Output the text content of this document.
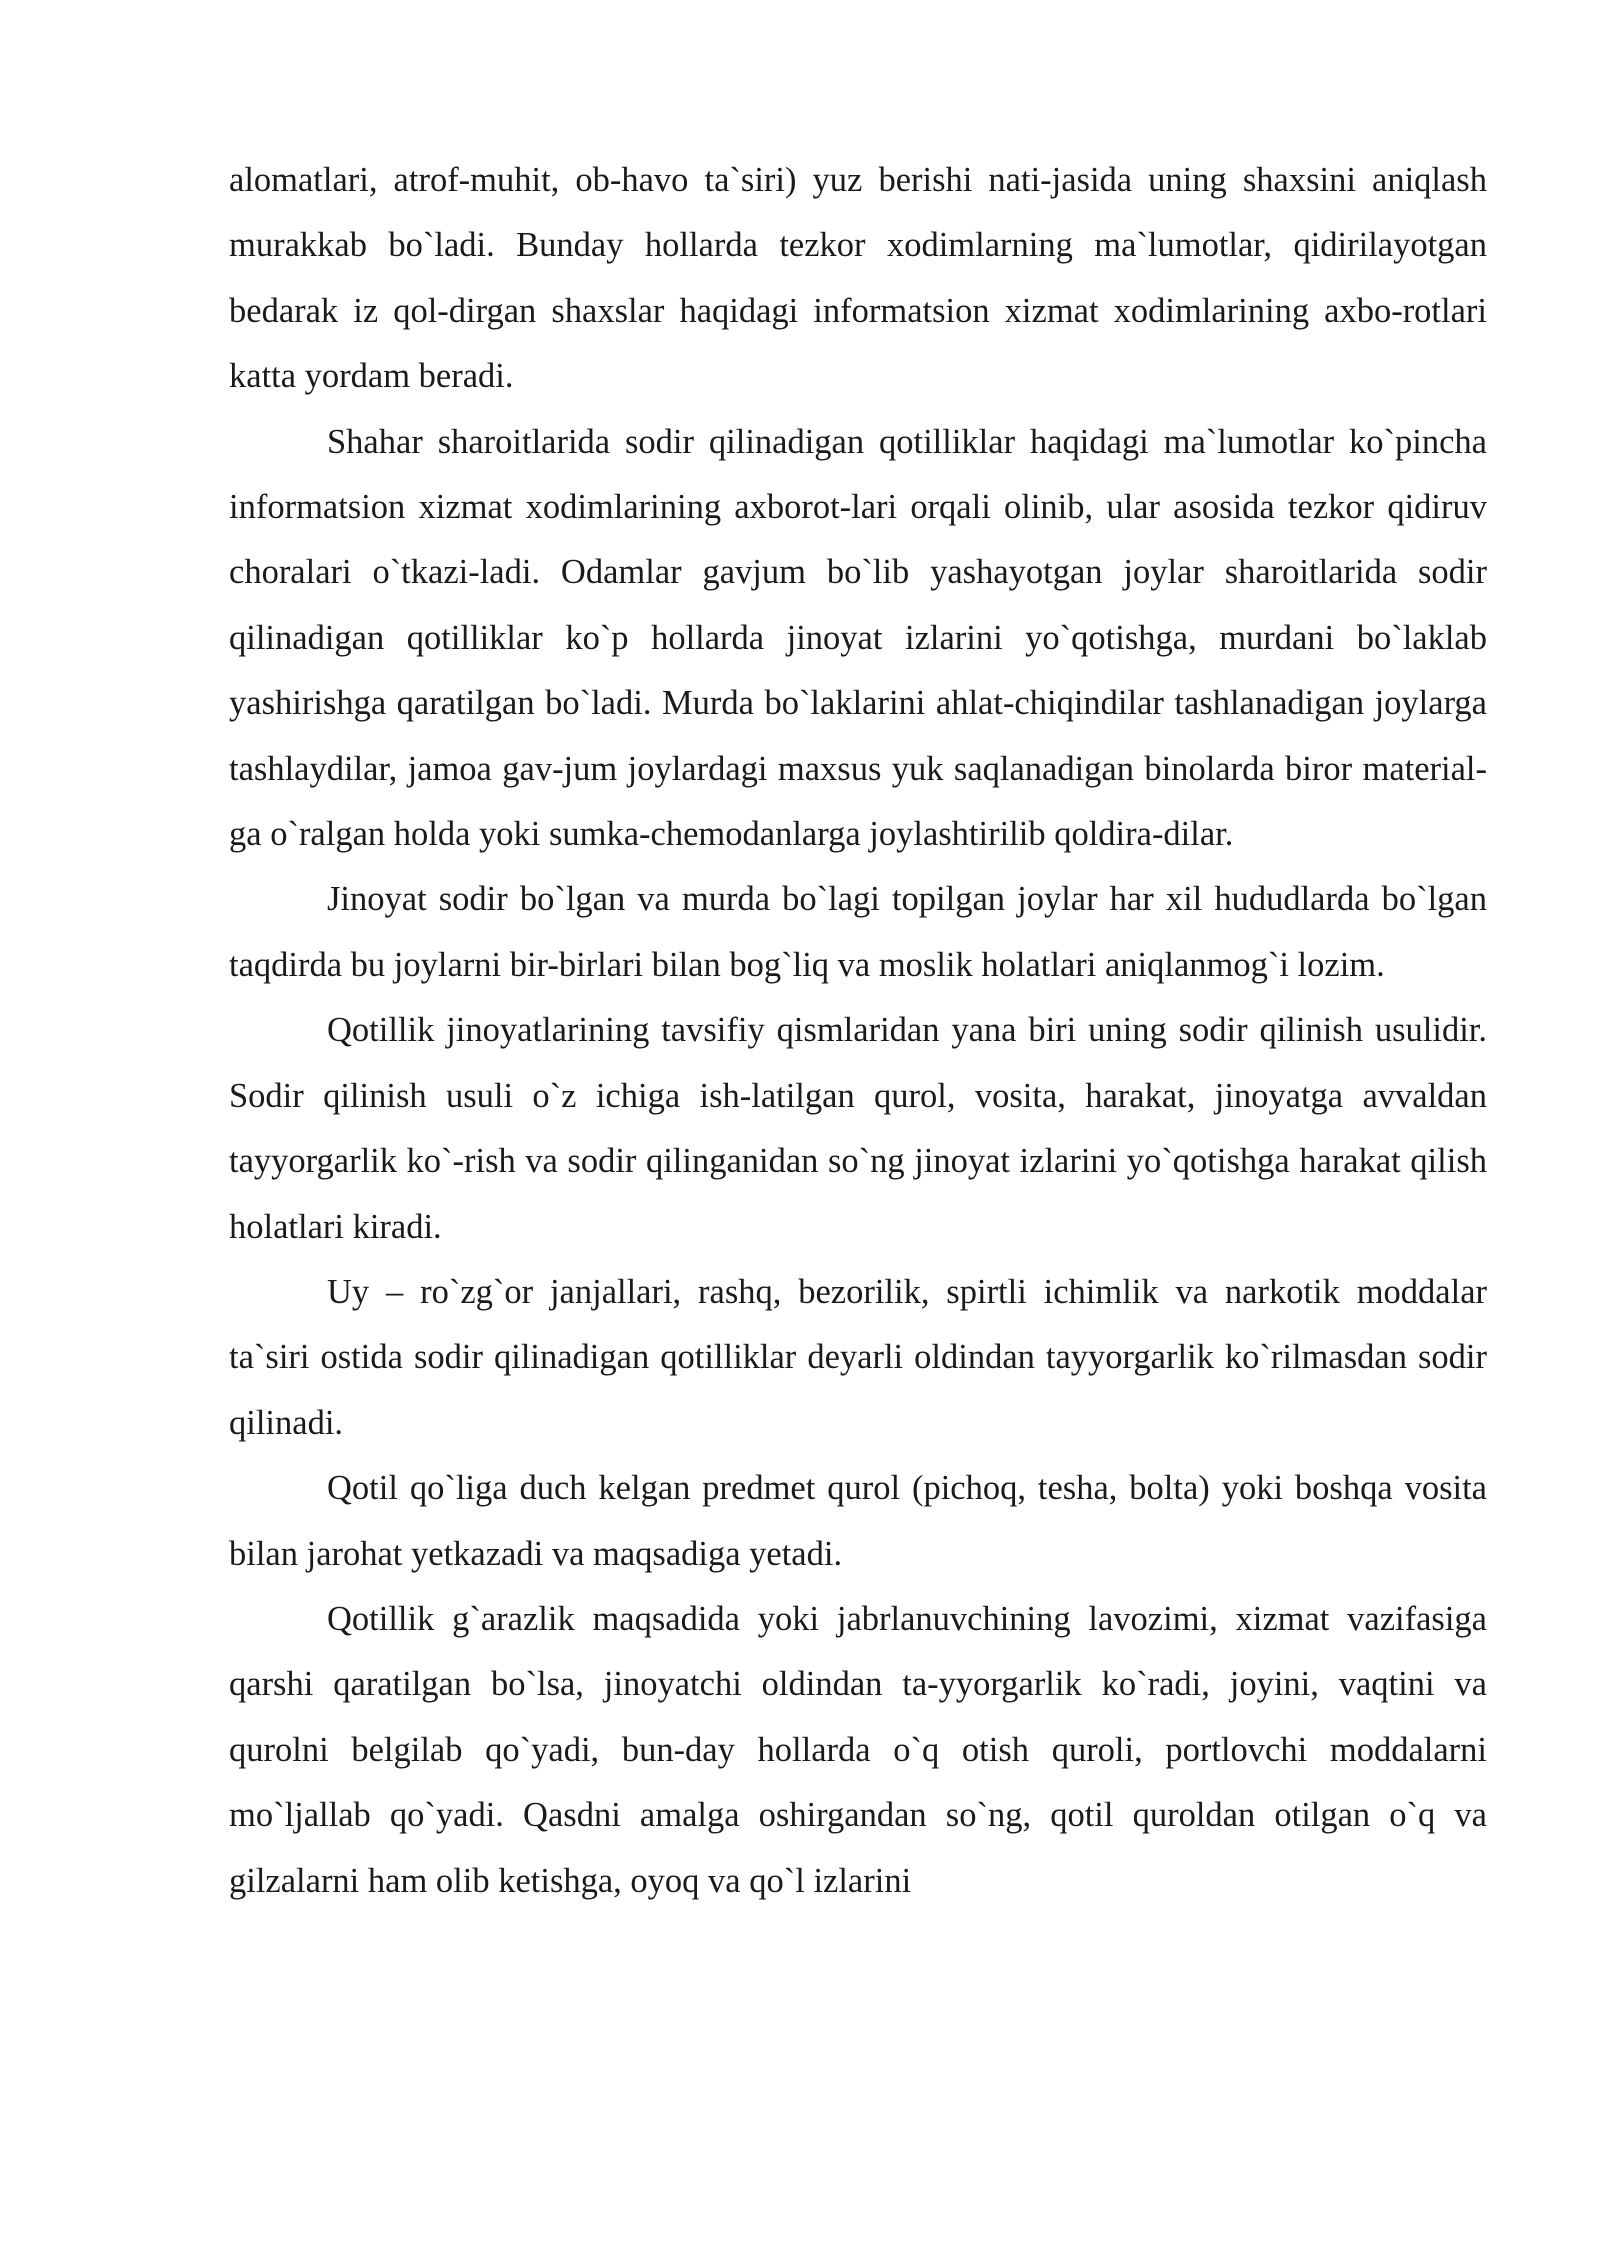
alomatlari, atrof-muhit, ob-havo ta`siri) yuz berishi nati-jasida uning shaxsini aniqlash murakkab bo`ladi. Bunday hollarda tezkor xodimlarning ma`lumotlar, qidirilayotgan bedarak iz qol-dirgan shaxslar haqidagi informatsion xizmat xodimlarining axbo-rotlari katta yordam beradi.

Shahar sharoitlarida sodir qilinadigan qotilliklar haqidagi ma`lumotlar ko`pincha informatsion xizmat xodimlarining axborot-lari orqali olinib, ular asosida tezkor qidiruv choralari o`tkazi-ladi. Odamlar gavjum bo`lib yashayotgan joylar sharoitlarida sodir qilinadigan qotilliklar ko`p hollarda jinoyat izlarini yo`qotishga, murdani bo`laklab yashirishga qaratilgan bo`ladi. Murda bo`laklarini ahlat-chiqindilar tashlanadigan joylarga tashlaydilar, jamoa gav-jum joylardagi maxsus yuk saqlanadigan binolarda biror material-ga o`ralgan holda yoki sumka-chemodanlarga joylashtirilib qoldira-dilar.

Jinoyat sodir bo`lgan va murda bo`lagi topilgan joylar har xil hududlarda bo`lgan taqdirda bu joylarni bir-birlari bilan bog`liq va moslik holatlari aniqlanmog`i lozim.

Qotillik jinoyatlarining tavsifiy qismlaridan yana biri uning sodir qilinish usulidir. Sodir qilinish usuli o`z ichiga ish-latilgan qurol, vosita, harakat, jinoyatga avvaldan tayyorgarlik ko`-rish va sodir qilinganidan so`ng jinoyat izlarini yo`qotishga harakat qilish holatlari kiradi.

Uy – ro`zg`or janjallari, rashq, bezorilik, spirtli ichimlik va narkotik moddalar ta`siri ostida sodir qilinadigan qotilliklar deyarli oldindan tayyorgarlik ko`rilmasdan sodir qilinadi.

Qotil qo`liga duch kelgan predmet qurol (pichoq, tesha, bolta) yoki boshqa vosita bilan jarohat yetkazadi va maqsadiga yetadi.

Qotillik g`arazlik maqsadida yoki jabrlanuvchining lavozimi, xizmat vazifasiga qarshi qaratilgan bo`lsa, jinoyatchi oldindan ta-yyorgarlik ko`radi, joyini, vaqtini va qurolni belgilab qo`yadi, bun-day hollarda o`q otish quroli, portlovchi moddalarni mo`ljallab qo`yadi. Qasdni amalga oshirgandan so`ng, qotil quroldan otilgan o`q va gilzalarni ham olib ketishga, oyoq va qo`l izlarini
